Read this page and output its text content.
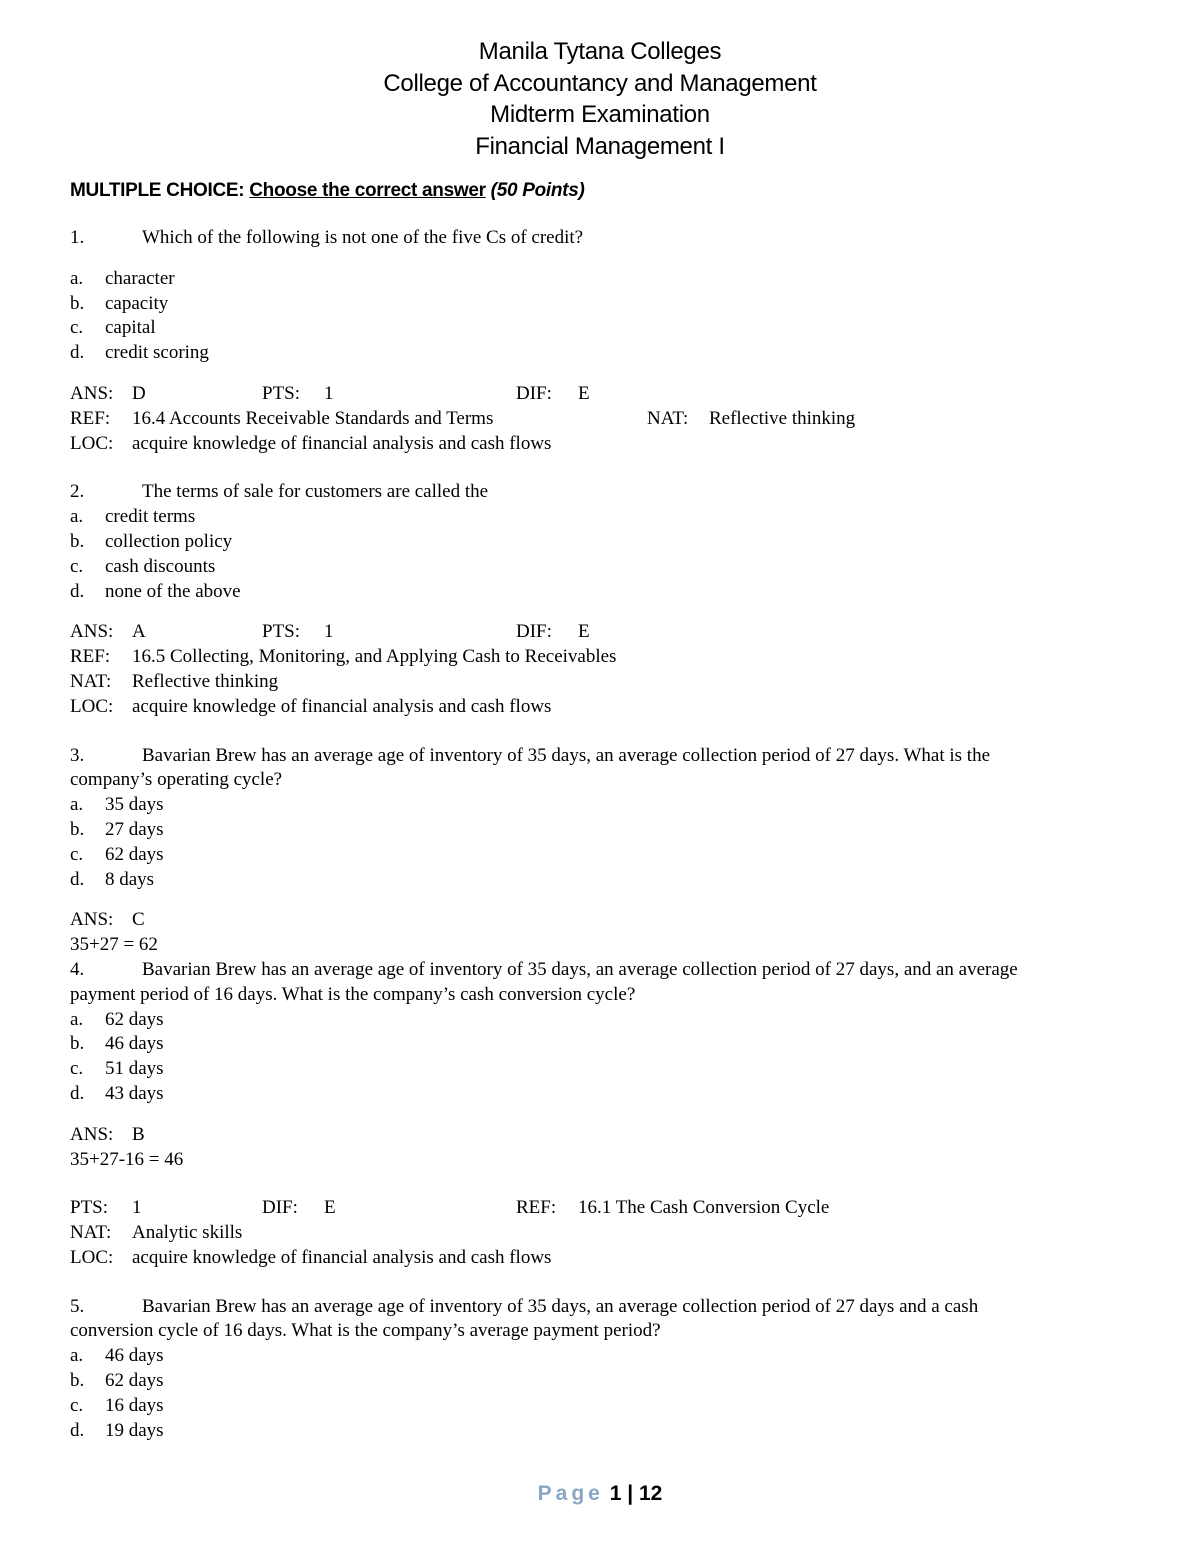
Manila Tytana Colleges
College of Accountancy and Management
Midterm Examination
Financial Management I
MULTIPLE CHOICE: Choose the correct answer (50 Points)
1.	Which of the following is not one of the five Cs of credit?
a. character
b. capacity
c. capital
d. credit scoring
ANS: D	PTS: 1	DIF: E
REF: 16.4 Accounts Receivable Standards and Terms	NAT: Reflective thinking
LOC: acquire knowledge of financial analysis and cash flows
2.	The terms of sale for customers are called the
a. credit terms
b. collection policy
c. cash discounts
d. none of the above
ANS: A	PTS: 1	DIF: E
REF: 16.5 Collecting, Monitoring, and Applying Cash to Receivables
NAT: Reflective thinking
LOC: acquire knowledge of financial analysis and cash flows
3.	Bavarian Brew has an average age of inventory of 35 days, an average collection period of 27 days. What is the
company’s operating cycle?
a. 35 days
b. 27 days
c. 62 days
d. 8 days
ANS: C
35+27 = 62
4.	Bavarian Brew has an average age of inventory of 35 days, an average collection period of 27 days, and an average
payment period of 16 days. What is the company’s cash conversion cycle?
a. 62 days
b. 46 days
c. 51 days
d. 43 days
ANS: B
35+27-16 = 46
PTS: 1	DIF: E	REF: 16.1 The Cash Conversion Cycle
NAT: Analytic skills
LOC: acquire knowledge of financial analysis and cash flows
5.	Bavarian Brew has an average age of inventory of 35 days, an average collection period of 27 days and a cash
conversion cycle of 16 days. What is the company’s average payment period?
a. 46 days
b. 62 days
c. 16 days
d. 19 days
Page 1 | 12
